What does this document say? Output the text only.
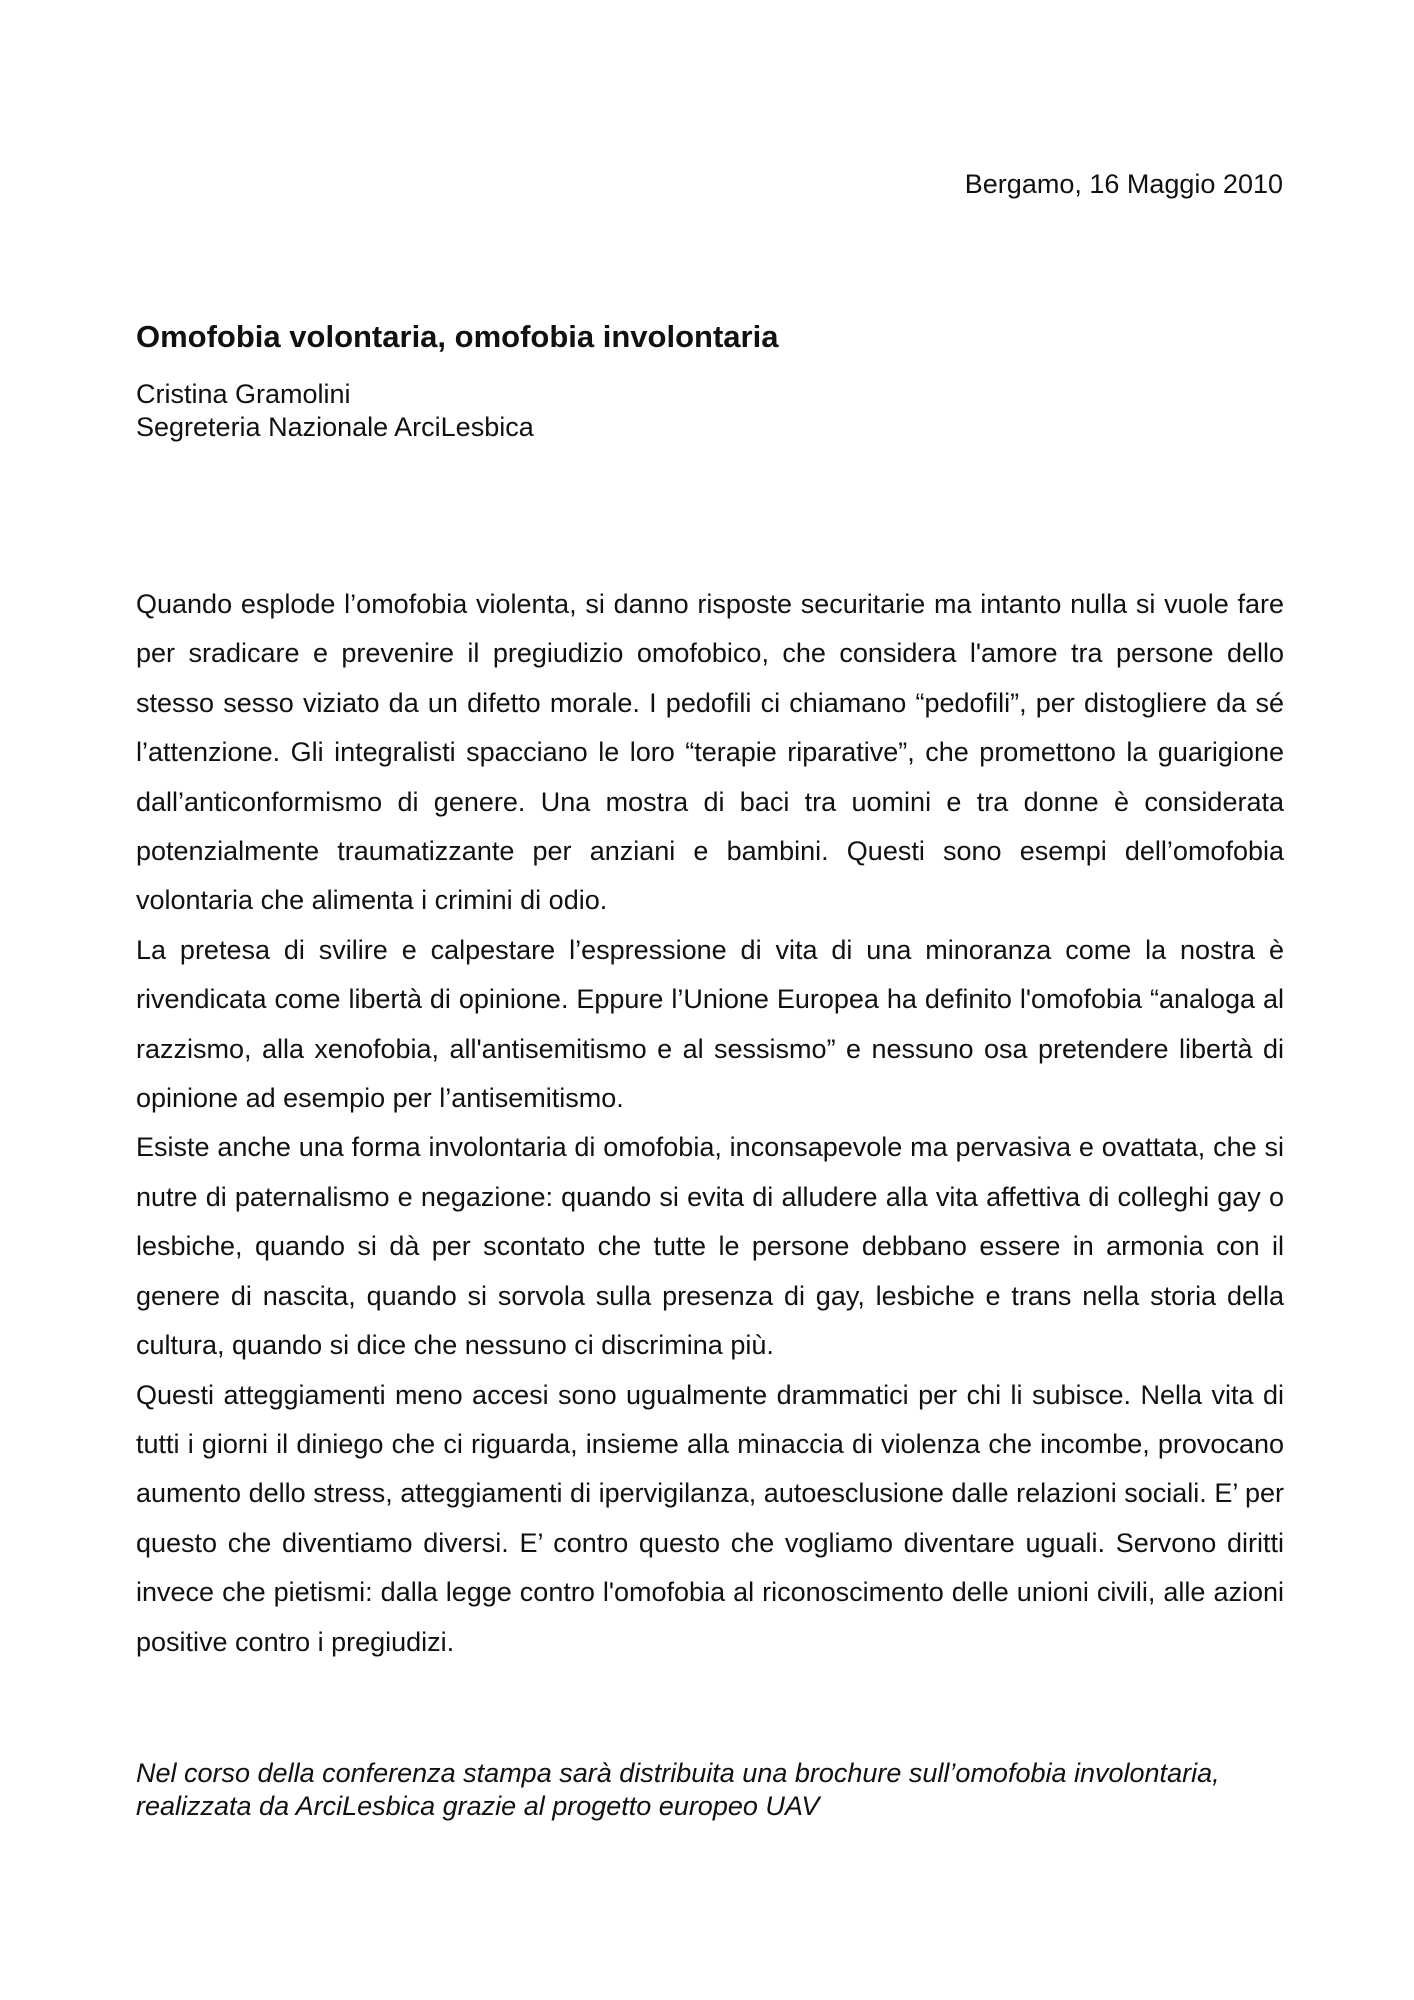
Bergamo, 16 Maggio 2010
Omofobia volontaria, omofobia involontaria
Cristina Gramolini
Segreteria Nazionale ArciLesbica

Quando esplode l’omofobia violenta, si danno risposte securitarie ma intanto nulla si vuole fare per sradicare e prevenire il pregiudizio omofobico, che considera l'amore tra persone dello stesso sesso viziato da un difetto morale. I pedofili ci chiamano “pedofili”, per distogliere da sé l’attenzione. Gli integralisti spacciano le loro “terapie riparative”, che promettono la guarigione dall’anticonformismo di genere. Una mostra di baci tra uomini e tra donne è considerata potenzialmente traumatizzante per anziani e bambini. Questi sono esempi dell’omofobia volontaria che alimenta i crimini di odio.

La pretesa di svilire e calpestare l’espressione di vita di una minoranza come la nostra è rivendicata come libertà di opinione. Eppure l’Unione Europea ha definito l'omofobia “analoga al razzismo, alla xenofobia, all'antisemitismo e al sessismo” e nessuno osa pretendere libertà di opinione ad esempio per l’antisemitismo.

Esiste anche una forma involontaria di omofobia, inconsapevole ma pervasiva e ovattata, che si nutre di paternalismo e negazione: quando si evita di alludere alla vita affettiva di colleghi gay o lesbiche, quando si dà per scontato che tutte le persone debbano essere in armonia con il genere di nascita, quando si sorvola sulla presenza di gay, lesbiche e trans nella storia della cultura, quando si dice che nessuno ci discrimina più.

Questi atteggiamenti meno accesi sono ugualmente drammatici per chi li subisce. Nella vita di tutti i giorni il diniego che ci riguarda, insieme alla minaccia di violenza che incombe, provocano aumento dello stress, atteggiamenti di ipervigilanza, autoesclusione dalle relazioni sociali. E’ per questo che diventiamo diversi. E’ contro questo che vogliamo diventare uguali. Servono diritti invece che pietismi: dalla legge contro l'omofobia al riconoscimento delle unioni civili, alle azioni positive contro i pregiudizi.

Nel corso della conferenza stampa sarà distribuita una brochure sull’omofobia involontaria,
realizzata da ArciLesbica grazie al progetto europeo UAV
